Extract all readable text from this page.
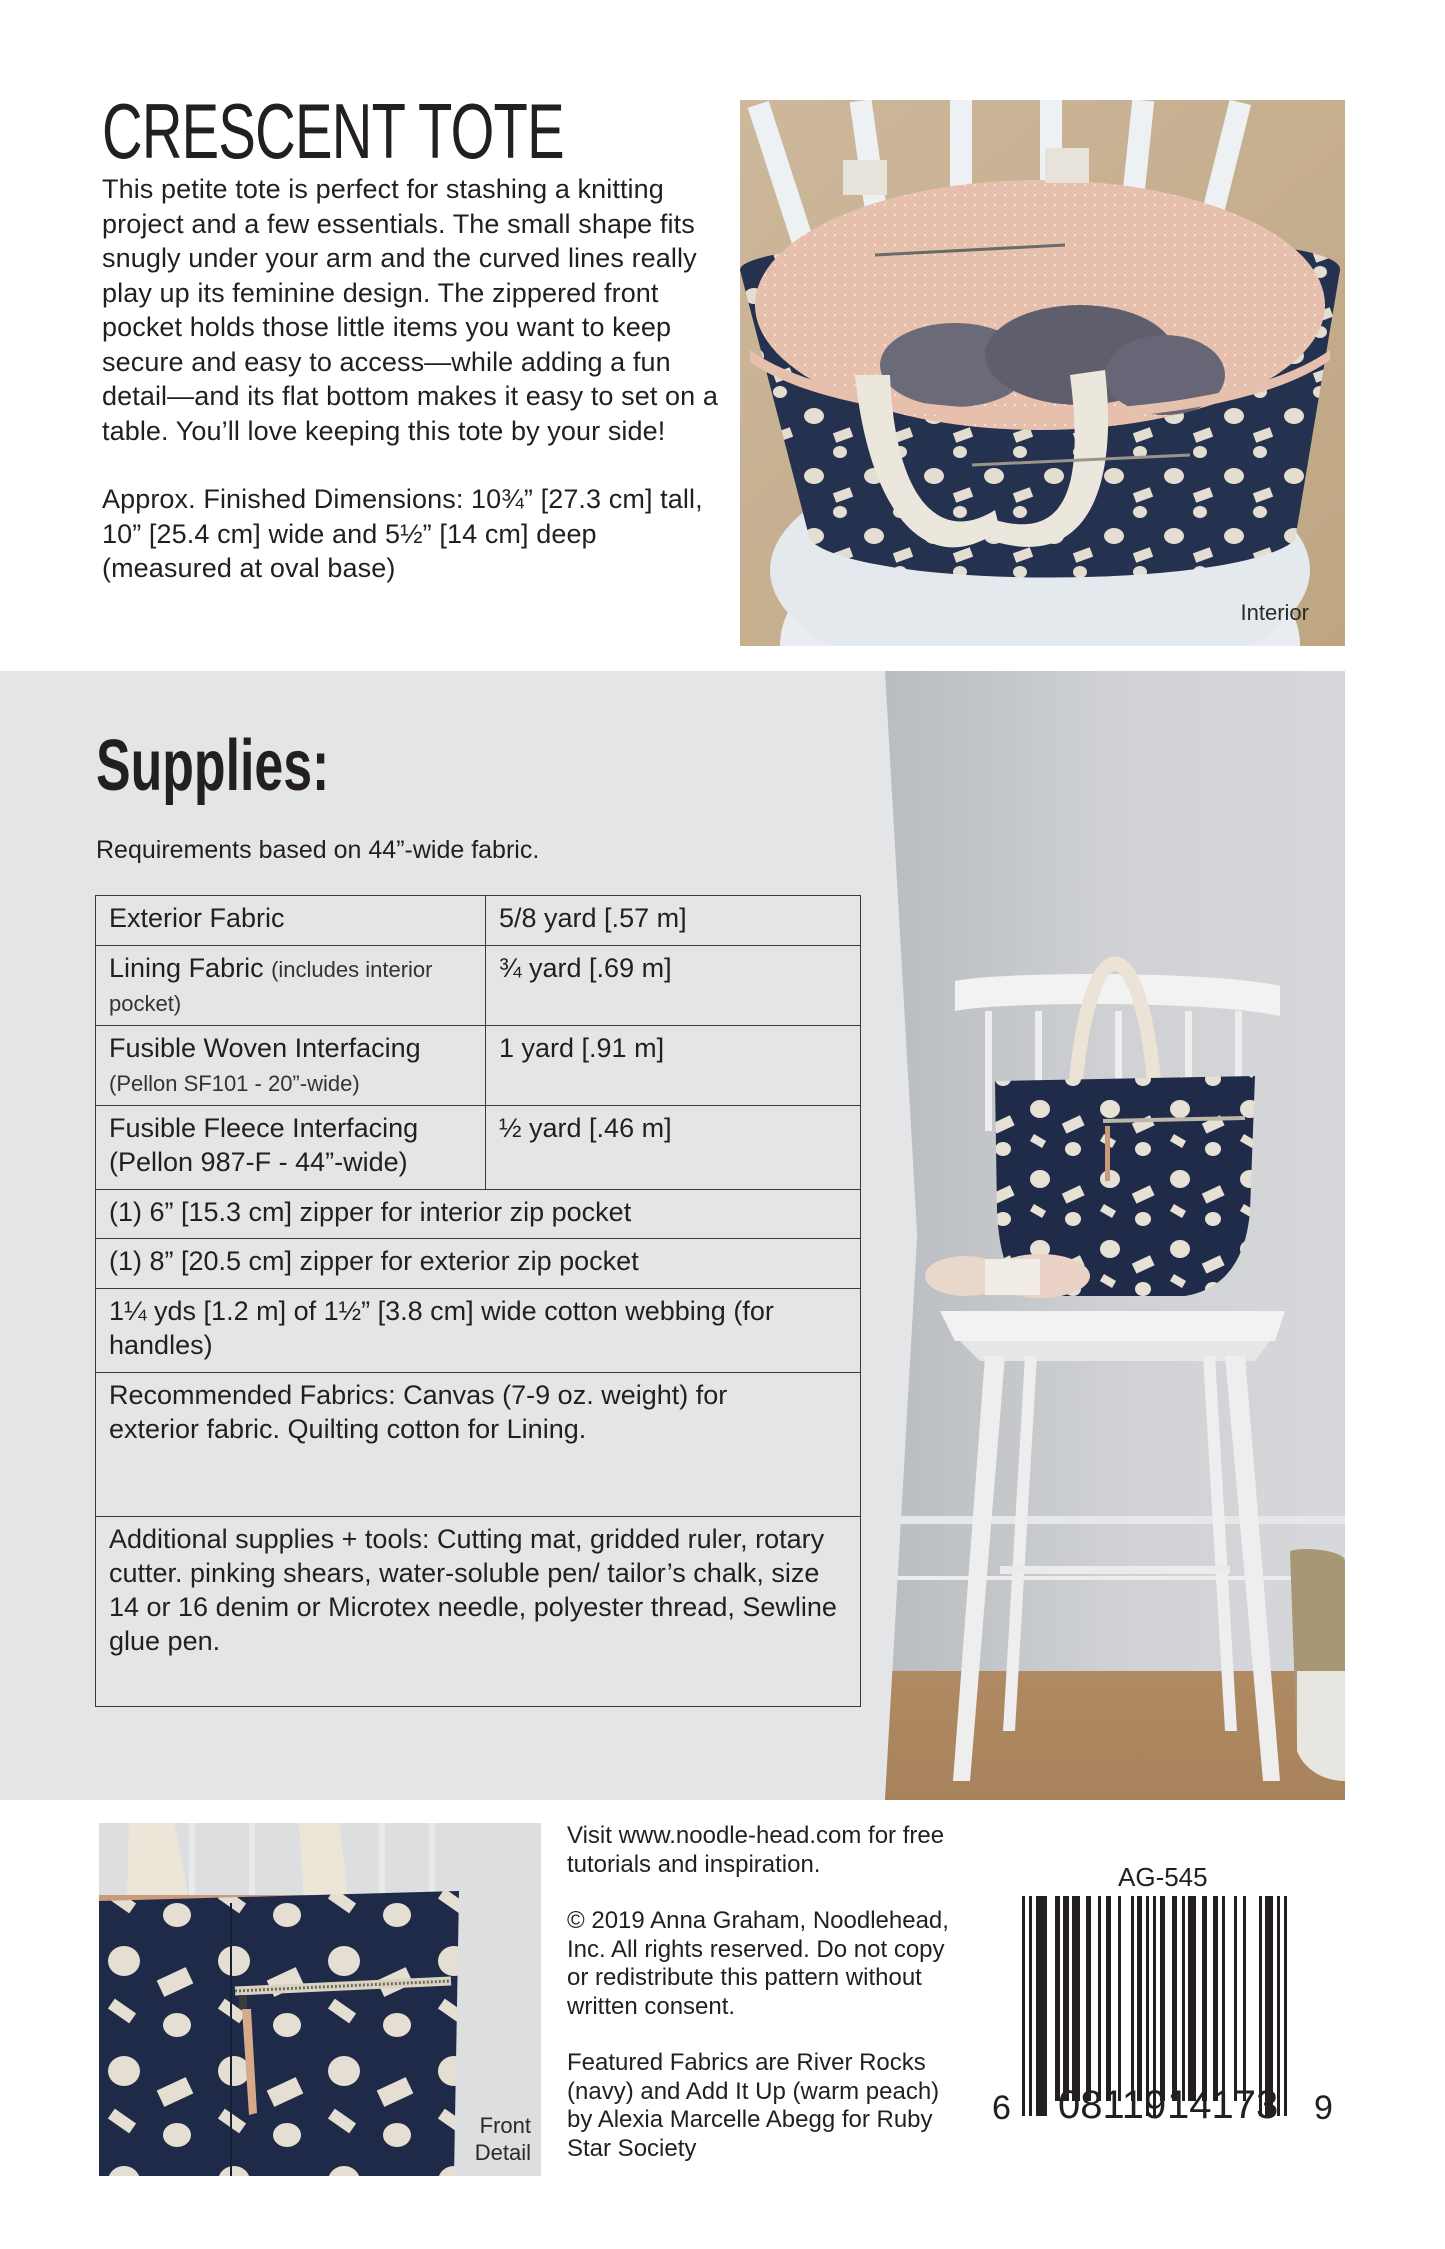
CRESCENT TOTE

This petite tote is perfect for stashing a knitting project and a few essentials. The small shape fits snugly under your arm and the curved lines really play up its feminine design. The zippered front pocket holds those little items you want to keep secure and easy to access—while adding a fun detail—and its flat bottom makes it easy to set on a table. You’ll love keeping this tote by your side!

Approx. Finished Dimensions: 10¾” [27.3 cm] tall, 10” [25.4 cm] wide and 5½” [14 cm] deep (measured at oval base)

Interior
Supplies:

Requirements based on 44”-wide fabric.

Exterior Fabric	5/8 yard [.57 m]
Lining Fabric (includes interior pocket)	¾ yard [.69 m]
Fusible Woven Interfacing
(Pellon SF101 - 20”-wide)	1 yard [.91 m]
Fusible Fleece Interfacing
(Pellon 987-F - 44”-wide)	½ yard [.46 m]
(1) 6” [15.3 cm] zipper for interior zip pocket	
(1) 8” [20.5 cm] zipper for exterior zip pocket	
1¼ yds [1.2 m] of 1½” [3.8 cm] wide cotton webbing (for handles)	
Recommended Fabrics: Canvas (7-9 oz. weight) for exterior fabric. Quilting cotton for Lining.	
Additional supplies + tools: Cutting mat, gridded ruler, rotary cutter. pinking shears, water-soluble pen/ tailor’s chalk, size 14 or 16 denim or Microtex needle, polyester thread, Sewline glue pen.	
Front
Detail

Visit www.noodle-head.com for free tutorials and inspiration.

© 2019 Anna Graham, Noodlehead, Inc. All rights reserved. Do not copy or redistribute this pattern without written consent.

Featured Fabrics are River Rocks (navy) and Add It Up (warm peach) by Alexia Marcelle Abegg for Ruby Star Society

AG-545
6 08119 14173 9
